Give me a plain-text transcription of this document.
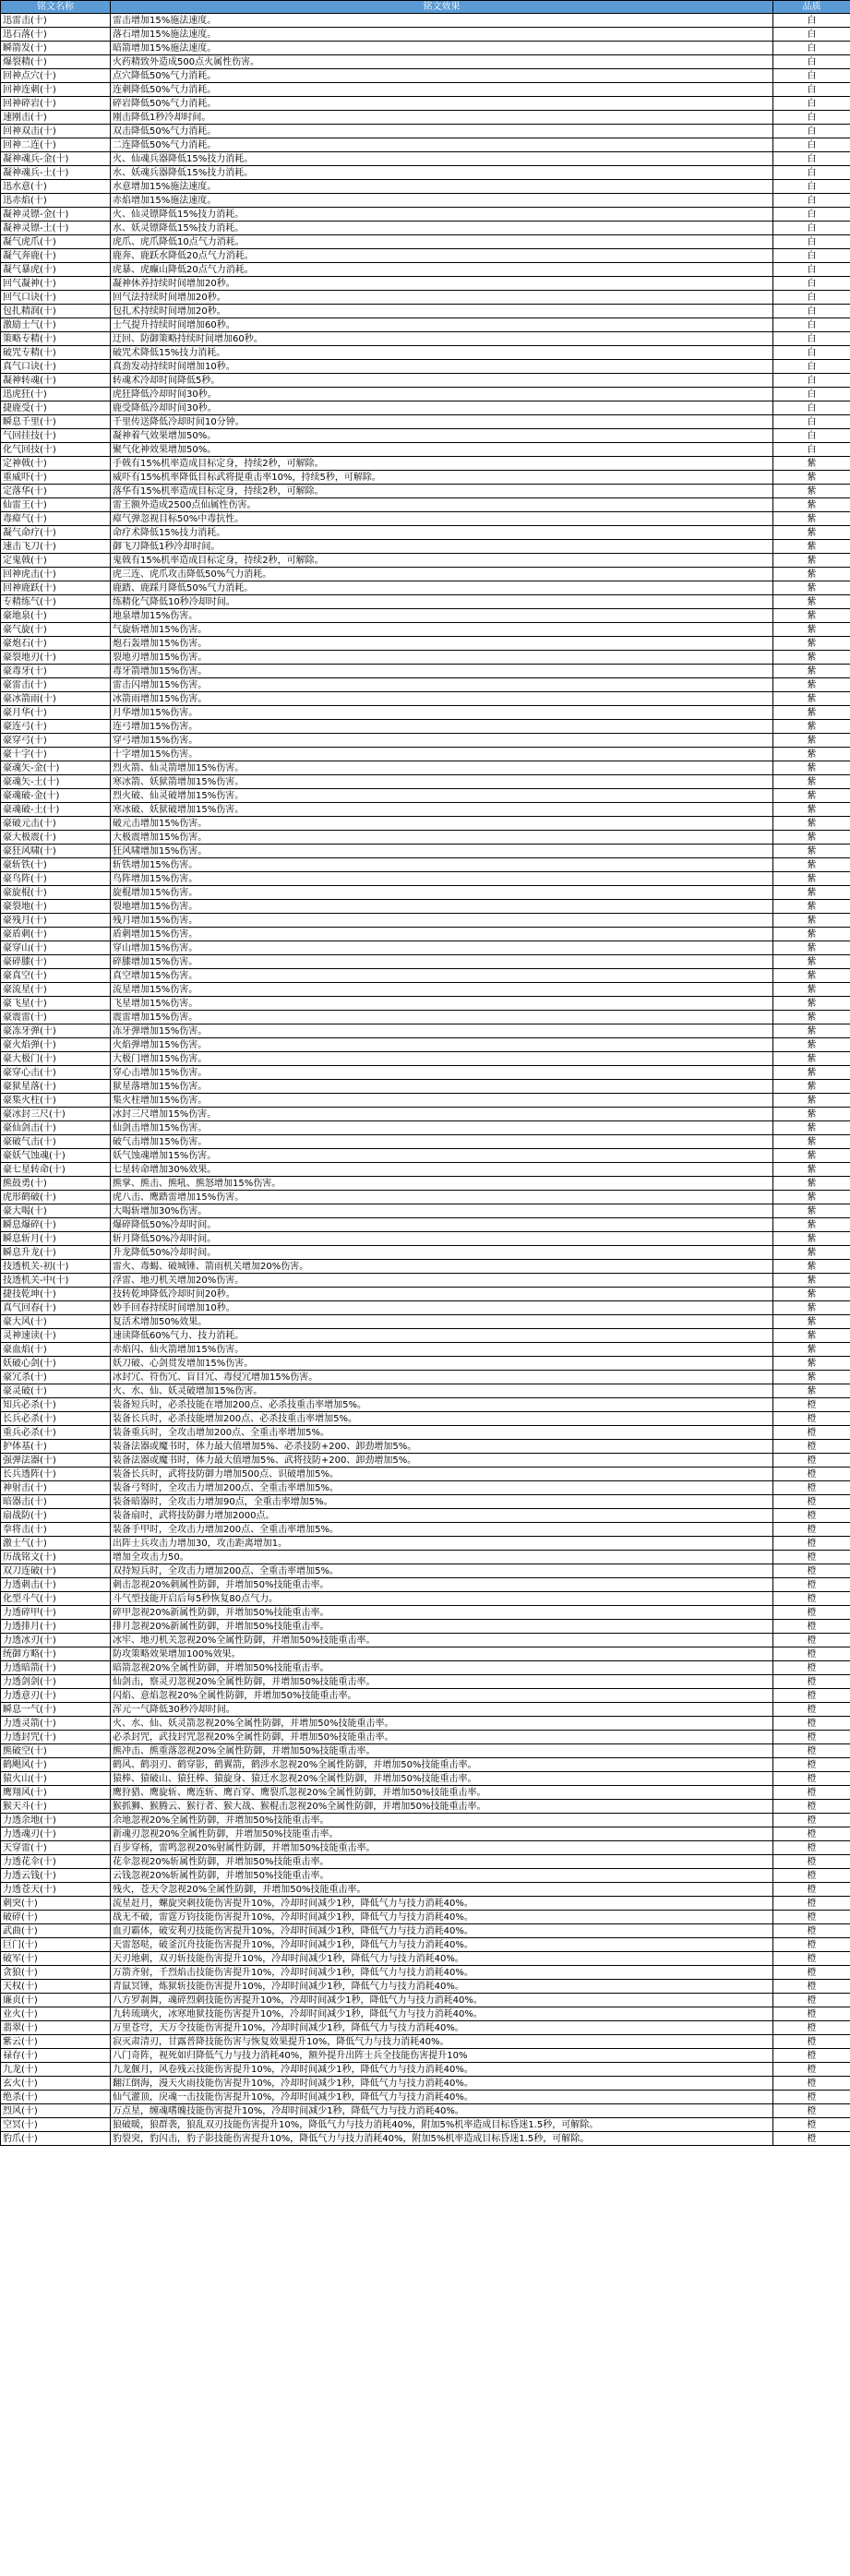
铭文名称	铭文效果	品质
迅雷击(十)	雷击增加15%施法速度。	白
迅石落(十)	落石增加15%施法速度。	白
瞬箭发(十)	暗箭增加15%施法速度。	白
爆裂精(十)	火药精致外造成500点火属性伤害。	白
回神点穴(十)	点穴降低50%气力消耗。	白
回神连刺(十)	连刺降低50%气力消耗。	白
回神碎岩(十)	碎岩降低50%气力消耗。	白
速刚击(十)	刚击降低1秒冷却时间。	白
回神双击(十)	双击降低50%气力消耗。	白
回神二连(十)	二连降低50%气力消耗。	白
凝神魂兵-金(十)	火、仙魂兵器降低15%技力消耗。	白
凝神魂兵-土(十)	水、妖魂兵器降低15%技力消耗。	白
迅水意(十)	水意增加15%施法速度。	白
迅赤焰(十)	赤焰增加15%施法速度。	白
凝神灵镖-金(十)	火、仙灵镖降低15%技力消耗。	白
凝神灵镖-土(十)	水、妖灵镖降低15%技力消耗。	白
凝气虎爪(十)	虎爪、虎爪降低10点气力消耗。	白
凝气奔鹿(十)	鹿奔、鹿跃水降低20点气力消耗。	白
凝气暴虎(十)	虎暴、虎癫山降低20点气力消耗。	白
回气凝神(十)	凝神休养持续时间增加20秒。	白
回气口诀(十)	回气法持续时间增加20秒。	白
包扎精润(十)	包扎术持续时间增加20秒。	白
激励士气(十)	士气提升持续时间增加60秒。	白
策略专精(十)	迂回、防御策略持续时间增加60秒。	白
破咒专精(十)	破咒术降低15%技力消耗。	白
真气口诀(十)	真劲发动持续时间增加10秒。	白
凝神转魂(十)	转魂术冷却时间降低5秒。	白
迅虎狂(十)	虎狂降低冷却时间30秒。	白
捷鹿受(十)	鹿受降低冷却时间30秒。	白
瞬息千里(十)	千里传送降低冷却时间10分钟。	白
气回挂技(十)	凝神着气效果增加50%。	白
化气回技(十)	聚气化神效果增加50%。	白
定神戟(十)	手戟有15%机率造成目标定身，持续2秒，可解除。	紫
重威吓(十)	威吓有15%机率降低目标武将提重击率10%，持续5秒，可解除。	紫
定落华(十)	落华有15%机率造成目标定身，持续2秒，可解除。	紫
仙雷王(十)	雷王额外造成2500点仙属性伤害。	紫
毒瘴气(十)	瘴气弹忽视目标50%中毒抗性。	紫
凝气命疗(十)	命疗术降低15%技力消耗。	紫
速击飞刀(十)	御飞刀降低1秒冷却时间。	紫
定鬼戟(十)	鬼戟有15%机率造成目标定身，持续2秒，可解除。	紫
回神虎击(十)	虎三连、虎爪攻击降低50%气力消耗。	紫
回神鹿跃(十)	鹿踏、鹿踩月降低50%气力消耗。	紫
专精练气(十)	练精化气降低10秒冷却时间。	紫
豪地泉(十)	地泉增加15%伤害。	紫
豪气旋(十)	气旋斩增加15%伤害。	紫
豪炮石(十)	炮石轰增加15%伤害。	紫
豪裂地刃(十)	裂地刃增加15%伤害。	紫
豪毒牙(十)	毒牙箭增加15%伤害。	紫
豪雷击(十)	雷击闪增加15%伤害。	紫
豪冰箭雨(十)	冰箭雨增加15%伤害。	紫
豪月华(十)	月华增加15%伤害。	紫
豪连弓(十)	连弓增加15%伤害。	紫
豪穿弓(十)	穿弓增加15%伤害。	紫
豪十字(十)	十字增加15%伤害。	紫
豪魂矢-金(十)	烈火箭、仙灵箭增加15%伤害。	紫
豪魂矢-土(十)	寒冰箭、妖狱箭增加15%伤害。	紫
豪魂破-金(十)	烈火破、仙灵破增加15%伤害。	紫
豪魂破-土(十)	寒冰破、妖狱破增加15%伤害。	紫
豪破元击(十)	破元击增加15%伤害。	紫
豪大极震(十)	大极震增加15%伤害。	紫
豪狂风啸(十)	狂风啸增加15%伤害。	紫
豪斩铁(十)	斩铁增加15%伤害。	紫
豪鸟阵(十)	鸟阵增加15%伤害。	紫
豪旋棍(十)	旋棍增加15%伤害。	紫
豪裂地(十)	裂地增加15%伤害。	紫
豪残月(十)	残月增加15%伤害。	紫
豪盾刺(十)	盾刺增加15%伤害。	紫
豪穿山(十)	穿山增加15%伤害。	紫
豪碎膝(十)	碎膝增加15%伤害。	紫
豪真空(十)	真空增加15%伤害。	紫
豪流星(十)	流星增加15%伤害。	紫
豪飞星(十)	飞星增加15%伤害。	紫
豪震雷(十)	震雷增加15%伤害。	紫
豪冻牙弹(十)	冻牙弹增加15%伤害。	紫
豪火焰弹(十)	火焰弹增加15%伤害。	紫
豪大极门(十)	大极门增加15%伤害。	紫
豪穿心击(十)	穿心击增加15%伤害。	紫
豪狱星落(十)	狱星落增加15%伤害。	紫
豪集火柱(十)	集火柱增加15%伤害。	紫
豪冰封三尺(十)	冰封三尺增加15%伤害。	紫
豪仙剑击(十)	仙剑击增加15%伤害。	紫
豪破气击(十)	破气击增加15%伤害。	紫
豪妖气蚀魂(十)	妖气蚀魂增加15%伤害。	紫
豪七星转命(十)	七星转命增加30%效果。	紫
熊鼓勇(十)	熊掌、熊击、熊吼、熊怒增加15%伤害。	紫
虎形鹤破(十)	虎八击、鹰踏雷增加15%伤害。	紫
豪大喝(十)	大喝斩增加30%伤害。	紫
瞬息爆碎(十)	爆碎降低50%冷却时间。	紫
瞬息斩月(十)	斩月降低50%冷却时间。	紫
瞬息升龙(十)	升龙降低50%冷却时间。	紫
技透机关-初(十)	雷火、毒蝎、破城锤、箭雨机关增加20%伤害。	紫
技透机关-中(十)	浮雷、地刃机关增加20%伤害。	紫
捷技乾坤(十)	技转乾坤降低冷却时间20秒。	紫
真气回春(十)	妙手回春持续时间增加10秒。	紫
豪大风(十)	复活术增加50%效果。	紫
灵神速读(十)	速读降低60%气力、技力消耗。	紫
豪血焰(十)	赤焰闪、仙火箭增加15%伤害。	紫
妖破心剑(十)	妖刀破、心剑贯发增加15%伤害。	紫
豪冗杀(十)	冰封冗、符伤冗、盲目冗、毒侵冗增加15%伤害。	紫
豪灵破(十)	火、水、仙、妖灵破增加15%伤害。	紫
知兵必杀(十)	装备短兵时，必杀技能在增加200点、必杀技重击率增加5%。	橙
长兵必杀(十)	装备长兵时，必杀技能增加200点、必杀技重击率增加5%。	橙
重兵必杀(十)	装备重兵时，全攻击增加200点、全重击率增加5%。	橙
护体基(十)	装备法器或魔书时，体力最大值增加5%、必杀技防+200、卸劲增加5%。	橙
强弹法器(十)	装备法器或魔书时，体力最大值增加5%、武将技防+200、卸劲增加5%。	橙
长兵透阵(十)	装备长兵时，武将技防御力增加500点、识破增加5%。	橙
神射击(十)	装备弓弩时，全攻击力增加200点、全重击率增加5%。	橙
暗器击(十)	装备暗器时，全攻击力增加90点，全重击率增加5%。	橙
扇战防(十)	装备扇时，武将技防御力增加2000点。	橙
拳将击(十)	装备手甲时，全攻击力增加200点、全重击率增加5%。	橙
激士气(十)	出阵士兵攻击力增加30，攻击距离增加1。	橙
历战铭文(十)	增加全攻击力50。	橙
双刀连破(十)	双持短兵时，全攻击力增加200点、全重击率增加5%。	橙
力透刺击(十)	刺击忽视20%刺属性防御，并增加50%技能重击率。	橙
化型斗气(十)	斗气型技能开启后每5秒恢复80点气力。	橙
力透碎甲(十)	碎甲忽视20%新属性防御，并增加50%技能重击率。	橙
力透排月(十)	排月忽视20%新属性防御，并增加50%技能重击率。	橙
力透冰刃(十)	冰牢、地刃机关忽视20%全属性防御，并增加50%技能重击率。	橙
统御方略(十)	防攻策略效果增加100%效果。	橙
力透暗箭(十)	暗箭忽视20%全属性防御，并增加50%技能重击率。	橙
力透剑剑(十)	仙剑击，察灵刃忽视20%全属性防御，并增加50%技能重击率。	橙
力透意刃(十)	闪焰、意焰忽视20%全属性防御，并增加50%技能重击率。	橙
瞬息一气(十)	浑元一气降低30秒冷却时间。	橙
力透灵箭(十)	火、水、仙、妖灵箭忽视20%全属性防御，并增加50%技能重击率。	橙
力透封咒(十)	必杀封咒，武技封咒忽视20%全属性防御，并增加50%技能重击率。	橙
熊破空(十)	熊冲击、熊重落忽视20%全属性防御，并增加50%技能重击率。	橙
鹤飓风(十)	鹤风、鹤羽刃、鹤穿影，鹤翼箭，鹤涉水忽视20%全属性防御，并增加50%技能重击率。	橙
猿火山(十)	猿棒、猿破山、猿狂棒、猿旋身、猿迁水忽视20%全属性防御，并增加50%技能重击率。	橙
鹰翔风(十)	鹰狩猎、鹰旋斩、鹰连斩、鹰百穿、鹰裂爪忽视20%全属性防御，并增加50%技能重击率。	橙
猴天斗(十)	猴抓狮、猴腾云、猴行者、猴大战、猴棍击忽视20%全属性防御，并增加50%技能重击率。	橙
力透余地(十)	余地忽视20%全属性防御，并增加50%技能重击率。	橙
力透魂刃(十)	新魂刃忽视20%全属性防御，并增加50%技能重击率。	橙
天穿雷(十)	百步穿杨，雷鸣忽视20%射属性防御，并增加50%技能重击率。	橙
力透花伞(十)	花伞忽视20%斩属性防御，并增加50%技能重击率。	橙
力透云钱(十)	云钱忽视20%斩属性防御，并增加50%技能重击率。	橙
力透苍天(十)	残火，苍天令忽视20%全属性防御，并增加50%技能重击率。	橙
刺突(十)	流星赶月，螺旋突刺技能伤害提升10%，冷却时间减少1秒，降低气力与技力消耗40%。	橙
破碎(十)	战无不破，雷霆万钧技能伤害提升10%，冷却时间减少1秒，降低气力与技力消耗40%。	橙
武曲(十)	血刃霸体，破安利刃技能伤害提升10%，冷却时间减少1秒，降低气力与技力消耗40%。	橙
巨门(十)	天雷怒哒，破釜沉舟技能伤害提升10%，冷却时间减少1秒，降低气力与技力消耗40%。	橙
破军(十)	天刃地刺，双刃斩技能伤害提升10%，冷却时间减少1秒，降低气力与技力消耗40%。	橙
贪狼(十)	万箭齐射，千烈焰击技能伤害提升10%，冷却时间减少1秒，降低气力与技力消耗40%。	橙
天权(十)	青鼠冥锤，炼狱斩技能伤害提升10%，冷却时间减少1秒，降低气力与技力消耗40%。	橙
廉贞(十)	八方罗刹舞，魂碎烈刺技能伤害提升10%，冷却时间减少1秒，降低气力与技力消耗40%。	橙
业火(十)	九转琉璃火，冰寒地狱技能伤害提升10%，冷却时间减少1秒，降低气力与技力消耗40%。	橙
翡翠(十)	万里苍穹，天万令技能伤害提升10%，冷却时间减少1秒，降低气力与技力消耗40%。	橙
紫云(十)	寂灭肃清刃，甘露普降技能伤害与恢复效果提升10%，降低气力与技力消耗40%。	橙
禄存(十)	八门奇阵，视死如归降低气力与技力消耗40%，额外提升出阵士兵全技能伤害提升10%	橙
九龙(十)	九龙偃月，风卷残云技能伤害提升10%，冷却时间减少1秒，降低气力与技力消耗40%。	橙
玄火(十)	翻江倒海，漫天火雨技能伤害提升10%，冷却时间减少1秒，降低气力与技力消耗40%。	橙
绝杀(十)	仙气灌顶，戾魂一击技能伤害提升10%，冷却时间减少1秒，降低气力与技力消耗40%。	橙
烈风(十)	万点星，缠魂嗜魄技能伤害提升10%，冷却时间减少1秒，降低气力与技力消耗40%。	橙
空冥(十)	狼破暖，狼群袭，狼乱双刃技能伤害提升10%，降低气力与技力消耗40%，附加5%机率造成目标昏迷1.5秒，可解除。	橙
豹爪(十)	豹裂突，豹闪击，豹子影技能伤害提升10%，降低气力与技力消耗40%，附加5%机率造成目标昏迷1.5秒，可解除。	橙
